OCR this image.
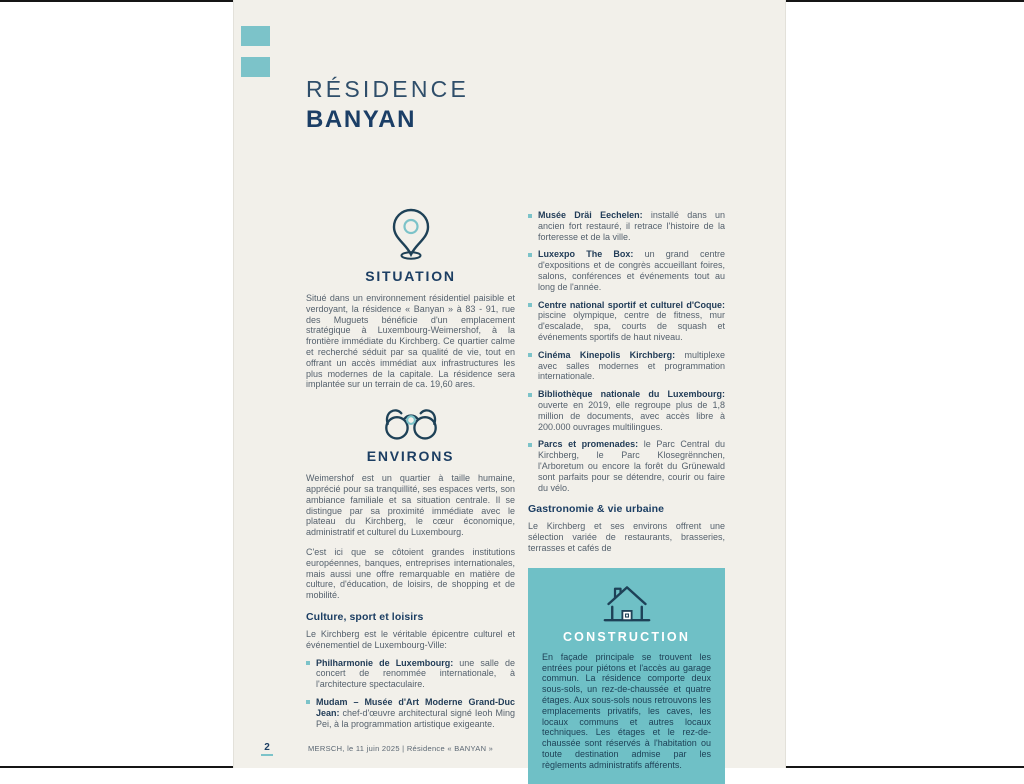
RÉSIDENCE
BANYAN
SITUATION

Situé dans un environnement résidentiel paisible et verdoyant, la résidence « Banyan » à 83 - 91, rue des Muguets bénéficie d'un emplacement stratégique à Luxembourg-Weimershof, à la frontière immédiate du Kirchberg. Ce quartier calme et recherché séduit par sa qualité de vie, tout en offrant un accès immédiat aux infrastructures les plus modernes de la capitale. La résidence sera implantée sur un terrain de ca. 19,60 ares.

ENVIRONS

Weimershof est un quartier à taille humaine, apprécié pour sa tranquillité, ses espaces verts, son ambiance familiale et sa situation centrale. Il se distingue par sa proximité immédiate avec le plateau du Kirchberg, le cœur économique, administratif et culturel du Luxembourg.

C'est ici que se côtoient grandes institutions européennes, banques, entreprises internationales, mais aussi une offre remarquable en matière de culture, d'éducation, de loisirs, de shopping et de mobilité.

Culture, sport et loisirs

Le Kirchberg est le véritable épicentre culturel et événementiel de Luxembourg-Ville:

Philharmonie de Luxembourg: une salle de concert de renommée internationale, à l'architecture spectaculaire.

Mudam – Musée d'Art Moderne Grand-Duc Jean: chef-d'œuvre architectural signé Ieoh Ming Pei, à la programmation artistique exigeante.

Musée Dräi Eechelen: installé dans un ancien fort restauré, il retrace l'histoire de la forteresse et de la ville.

Luxexpo The Box: un grand centre d'expositions et de congrès accueillant foires, salons, conférences et événements tout au long de l'année.

Centre national sportif et culturel d'Coque: piscine olympique, centre de fitness, mur d'escalade, spa, courts de squash et événements sportifs de haut niveau.

Cinéma Kinepolis Kirchberg: multiplexe avec salles modernes et programmation internationale.

Bibliothèque nationale du Luxembourg: ouverte en 2019, elle regroupe plus de 1,8 million de documents, avec accès libre à 200.000 ouvrages multilingues.

Parcs et promenades: le Parc Central du Kirchberg, le Parc Klosegrënnchen, l'Arboretum ou encore la forêt du Grünewald sont parfaits pour se détendre, courir ou faire du vélo.

Gastronomie & vie urbaine

Le Kirchberg et ses environs offrent une sélection variée de restaurants, brasseries, terrasses et cafés de

CONSTRUCTION

En façade principale se trouvent les entrées pour piétons et l'accès au garage commun. La résidence comporte deux sous-sols, un rez-de-chaussée et quatre étages. Aux sous-sols nous retrouvons les emplacements privatifs, les caves, les locaux communs et autres locaux techniques. Les étages et le rez-de-chaussée sont réservés à l'habitation ou toute destination admise par les règlements administratifs afférents.

2	MERSCH, le 11 juin 2025 | Résidence « BANYAN »
